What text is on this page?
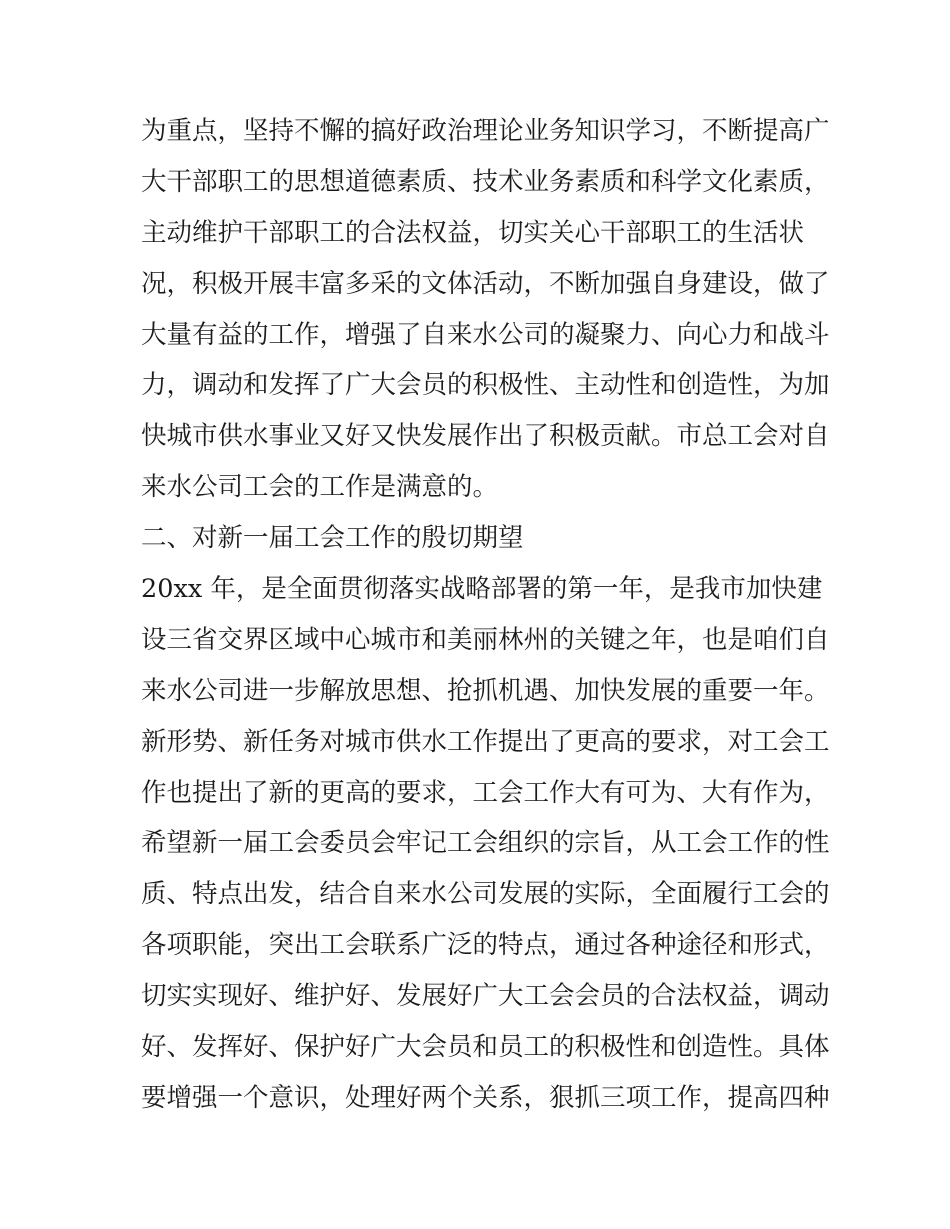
为重点，坚持不懈的搞好政治理论业务知识学习，不断提高广
大干部职工的思想道德素质、技术业务素质和科学文化素质，
主动维护干部职工的合法权益，切实关心干部职工的生活状
况，积极开展丰富多采的文体活动，不断加强自身建设，做了
大量有益的工作，增强了自来水公司的凝聚力、向心力和战斗
力，调动和发挥了广大会员的积极性、主动性和创造性，为加
快城市供水事业又好又快发展作出了积极贡献。市总工会对自
来水公司工会的工作是满意的。
二、对新一届工会工作的殷切期望
20xx 年，是全面贯彻落实战略部署的第一年，是我市加快建
设三省交界区域中心城市和美丽林州的关键之年，也是咱们自
来水公司进一步解放思想、抢抓机遇、加快发展的重要一年。
新形势、新任务对城市供水工作提出了更高的要求，对工会工
作也提出了新的更高的要求，工会工作大有可为、大有作为，
希望新一届工会委员会牢记工会组织的宗旨，从工会工作的性
质、特点出发，结合自来水公司发展的实际，全面履行工会的
各项职能，突出工会联系广泛的特点，通过各种途径和形式，
切实实现好、维护好、发展好广大工会会员的合法权益，调动
好、发挥好、保护好广大会员和员工的积极性和创造性。具体
要增强一个意识，处理好两个关系，狠抓三项工作，提高四种
